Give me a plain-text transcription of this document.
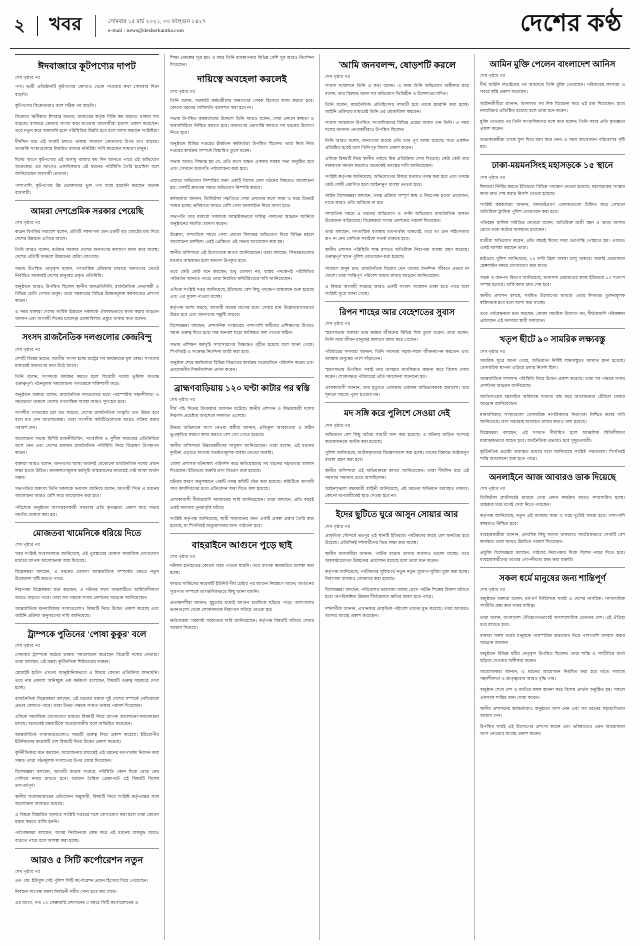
২	খবর	সোমবার ১৫ মার্চ ২০২১, ৩০ ফাল্গুন ১৪২৭
e-mail : news@desherkantha.com	দেশের কণ্ঠ
ঈদবাজারে কূটপণ্যের দাপট
শেষ পৃষ্ঠার পর

পণ্য। ভারী প্রতিষ্ঠানটি কূটপণ্যের কোথাও থেকে পাওয়ার কথা সোমবার দিনে বাড়তি।

কূটপণ্যের বিক্রেতারাও বলে সঠিক পর বাড়তি।

বিক্রেতা 'ঝটিকার' ইশারার অভাব, বাজারের কর্তৃক বিক্রি কম বাড়তে থাকায় দাম বাড়ছে। বাজারে ক্রেতার সংখ্যা কমে যাওয়ায় ব্যবসায়ীরা হতাশা প্রকাশ করেছেন। তবে নতুন করে আমদানি হলে পরিস্থিতির উন্নতি হবে বলে আশা করছেন সংশ্লিষ্টরা।

দীর্ঘদিন ধরে এই সংকট চলতে থাকায় সাধারণ ক্রেতাদের উপর চাপ বাড়ছে। তদারকি সংস্থাগুলোর নিয়মিত বাজার মনিটরিং দাবি করেছেন সাধারণ মানুষ।

ঈদের আগে কূটপণ্যের এই অসাধু বাজার কম দিন আনতে পারে এই অভিযোগ অনেকের। এর আগেও একাধিকবার এই ধরনের পরিস্থিতি তৈরি হয়েছিল বলে জানিয়েছেন ব্যবসায়ী নেতারা।

পাশাপাশি, কূটপণ্যের ফ্রি ভোক্তাদের ভুল পণ্য বাছে হয়রানি করছেন অনেক ব্যবসায়ী।

আমরা দেশপ্রেমিক সরকার পেয়েছি
শেষ পৃষ্ঠার পর

করেন বিগত্তির সমাবেশ বলেন, প্রতিটি সকল দল যেন একটি বড় জোটের মধ্য দিয়ে দেশের উন্নয়নে এগিয়ে আসে।

তিনি আরও বলেন, বর্তমান সরকার দেশের জনগণের কল্যাণে কাজ করে যাচ্ছে। দেশের প্রতিটি অঞ্চলে উন্নয়নের ছোঁয়া লেগেছে।

সভায় উপস্থিত নেতৃবৃন্দ বলেন, গণতান্ত্রিক প্রক্রিয়ার মাধ্যমে জনগণের ভোটে নির্বাচিত সরকারই দেশের মানুষের প্রকৃত প্রতিনিধি।

অনুষ্ঠানে আরও উপস্থিত ছিলেন স্থানীয় জনপ্রতিনিধি, রাজনৈতিক নেতাকর্মী ও বিভিন্ন শ্রেণি পেশার মানুষ। তারা সরকারের বিভিন্ন উন্নয়নমূলক কর্মকাণ্ডের প্রশংসা করেন।

এ সময় বক্তারা দেশের সার্বিক উন্নয়নে সকলকে ঐক্যবদ্ধভাবে কাজ করার আহ্বান জানান এবং আগামী দিনের চ্যালেঞ্জ মোকাবিলায় প্রস্তুত থাকার কথা বলেন।

সংসদ রাজনৈতিক দলগুলোর কেন্দ্রবিন্দু
শেষ পৃষ্ঠার পর

দেশটি বিশ্বের ভবনে, জাতীয় সংসদ হচ্ছে রাষ্ট্রের সব কার্যক্রমের মূল কেন্দ্র। সংসদের মাধ্যমেই জনগণের কথা উঠে আসে।

তিনি বলেন, সংসদকে কার্যকর করতে হলে বিরোধী দলের ভূমিকা অত্যন্ত গুরুত্বপূর্ণ। গঠনমূলক সমালোচনা গণতন্ত্রকে শক্তিশালী করে।

অনুষ্ঠানে বক্তারা বলেন, রাজনৈতিক দলগুলোর মধ্যে পারস্পরিক সহনশীলতা ও সমঝোতা থাকলে দেশের গণতান্ত্রিক ব্যবস্থা আরও সুসংহত হবে।

সংসদীয় গণতন্ত্রের চর্চা যত বাড়বে, দেশের রাজনৈতিক সংস্কৃতি তত উন্নত হবে বলে মত দেন আলোচকরা। তারা সংসদীয় কমিটিগুলোকে আরও সক্রিয় করার পরামর্শ দেন।

আলোচনা সভায় বিশিষ্ট রাজনীতিবিদ, সাংবাদিক ও সুশীল সমাজের প্রতিনিধিরা অংশ নেন এবং দেশের চলমান রাজনৈতিক পরিস্থিতি নিয়ে বিশ্লেষণ উপস্থাপন করেন।

বক্তারা আরও বলেন, জনগণের আস্থা অর্জনই যেকোনো রাজনৈতিক দলের প্রধান লক্ষ্য হওয়া উচিত। জনকল্যাণমূলক কর্মসূচি বাস্তবায়নের মাধ্যমেই সেই আস্থা অর্জন সম্ভব।

সভাপতির বক্তব্যে তিনি সকলকে ধন্যবাদ জানিয়ে বলেন, আগামী দিনে এ ধরনের আলোচনা আরও বেশি করে আয়োজন করা হবে।

পরিশেষে অনুষ্ঠানে অংশগ্রহণকারী সকলের প্রতি কৃতজ্ঞতা প্রকাশ করে সভার সমাপ্তি ঘোষণা করা হয়।

মোজতবা খামেনিকে ধরিয়ে দিতে
শেষ পৃষ্ঠার পর

খবর সংশ্লিষ্ট সংবাদমাধ্যম জানিয়েছে, এই পুরস্কারের ঘোষণা সামাজিক যোগাযোগ মাধ্যমে ব্যাপক আলোচনার জন্ম দিয়েছে।

বিশ্লেষকরা বলছেন, এ ধরনের ঘোষণা আন্তর্জাতিক সম্পর্কের ক্ষেত্রে নতুন উত্তেজনা সৃষ্টি করতে পারে।

নিরাপত্তা বিশ্লেষকরা মনে করছেন, এ ঘটনার ফলে অঞ্চলটিতে অস্থিতিশীলতা আরও বাড়তে পারে। তারা সব পক্ষকে সংযম প্রদর্শনের আহ্বান জানিয়েছেন।

আন্তর্জাতিক মানবাধিকার সংস্থাগুলোও বিষয়টি নিয়ে উদ্বেগ প্রকাশ করেছে এবং আইনি প্রক্রিয়া অনুসরণের দাবি জানিয়েছে।

ট্রাম্পকে পুতিনের 'পোষা কুকুর' বলে
শেষ পৃষ্ঠার পর

সোমবার ট্রাম্পকে কঠোর ভাষায় সমালোচনা করেছেন বিরোধী দলের নেতারা। তারা বলছেন, এই মন্তব্য কূটনৈতিক শিষ্টাচারের লঙ্ঘন।

হোয়াইট হাউস এখনো আনুষ্ঠানিকভাবে এ বিষয়ে কোনো প্রতিক্রিয়া জানায়নি। তবে নাম প্রকাশে অনিচ্ছুক এক কর্মকর্তা বলেছেন, বিষয়টি গুরুত্ব সহকারে দেখা হচ্ছে।

রাজনৈতিক বিশ্লেষকরা বলছেন, এই ধরনের বক্তব্য দুই দেশের সম্পর্কে নেতিবাচক প্রভাব ফেলতে পারে। তারা উভয় পক্ষকে সংযত থাকার পরামর্শ দিয়েছেন।

এদিকে সামাজিক যোগাযোগ মাধ্যমে বিষয়টি নিয়ে ব্যাপক আলোচনা-সমালোচনা চলছে। অনেকেই মন্তব্যটিকে অপ্রয়োজনীয় বলে অভিহিত করেছেন।

আন্তর্জাতিক গণমাধ্যমগুলোও খবরটি গুরুত্ব দিয়ে প্রকাশ করেছে। ইউরোপীয় ইউনিয়নের কয়েকটি দেশ বিষয়টি নিয়ে উদ্বেগ প্রকাশ করেছে।

কূটনীতিকরা মনে করছেন, আলোচনার মাধ্যমেই এই ধরনের মতপার্থক্য নিরসন করা সম্ভব। তারা গঠনমূলক সংলাপের উপর জোর দিয়েছেন।

বিশেষজ্ঞরা বলছেন, আগামী কয়েক সপ্তাহে পরিস্থিতি কোন দিকে মোড় নেয় সেদিকে নজর রাখতে হবে। বর্তমান বৈশ্বিক প্রেক্ষাপটে এই বিষয়টি বিশেষ তাৎপর্যপূর্ণ।

স্থানীয় সংবাদমাধ্যমের প্রতিবেদন অনুযায়ী, বিষয়টি নিয়ে সংশ্লিষ্ট কর্তৃপক্ষের সঙ্গে আলোচনা অব্যাহত রয়েছে।

এ বিষয়ে বিস্তারিত জানতে সংশ্লিষ্ট দপ্তরের সঙ্গে যোগাযোগ করা হলে তারা কোনো মন্তব্য করতে রাজি হননি।

পর্যবেক্ষকরা বলছেন, আসন্ন নির্বাচনকে কেন্দ্র করে এই ধরনের বাকযুদ্ধ আরও বাড়তে পারে বলে আশঙ্কা করা হচ্ছে।

আরও ৫ সিটি কর্পোরেশন নতুন
শেষ পৃষ্ঠার পর

এন. জে. ইউসুফ সেই পুলিশ সিটি কর্পোরেশন প্রধান হিসেবে দিয়ে পেয়েছেন।

নির্বাচন সাপেক্ষ সকল নির্বাচনী সমীর সেনা হতে কম শেষে।

এর আগে, গত ১০ ফেব্রুয়ারি প্রশাসনের ৩ বছরে সিটি কর্পোরেশনের এ

শিক্ষা প্রকল্পের সূত্র হয়। এ বছর তিনি ব্যবস্থাপনার বিভিন্ন বেশি খুব আরও নির্দেশনা দিয়েছেন।

দায়িত্বে অবহেলা করলেই
শেষ পৃষ্ঠার পর

তিনি বলেন, সরকারি কর্মচারীদের জনগণের সেবক হিসেবে কাজ করতে হবে। কোনো ধরনের গাফিলতি বরদাশত করা হবে না।

সভায় উপস্থিত কর্মকর্তাদের উদ্দেশে তিনি আরও বলেন, সেবা প্রদানে স্বচ্ছতা ও জবাবদিহিতা নিশ্চিত করতে হবে। জনগণের ভোগান্তি কমাতে সব ধরনের উদ্যোগ নিতে হবে।

অনুষ্ঠানে বিভিন্ন দপ্তরের ঊর্ধ্বতন কর্মকর্তারা উপস্থিত ছিলেন। তারা নিজ নিজ দপ্তরের কার্যক্রম সম্পর্কে বিস্তারিত তুলে ধরেন।

সভায় আরও সিদ্ধান্ত হয় যে, প্রতি মাসে অন্তত একবার সমন্বয় সভা অনুষ্ঠিত হবে এবং সেখানে অগ্রগতি পর্যালোচনা করা হবে।

এছাড়া অভিযোগ নিষ্পত্তির জন্য একটি বিশেষ সেল গঠনের বিষয়েও আলোচনা হয়। সেলটি দ্রুততম সময়ে অভিযোগ নিষ্পত্তি করবে।

কর্মকর্তারা জানান, ডিজিটাল পদ্ধতিতে সেবা প্রদানের ফলে সময় ও খরচ উভয়ই সাশ্রয় হচ্ছে। ভবিষ্যতে আরও বেশি সেবা অনলাইনে নিয়ে আসা হবে।

সভাপতি তার বক্তব্যে সকলকে আন্তরিকভাবে দায়িত্ব পালনের আহ্বান জানিয়ে অনুষ্ঠানের সমাপ্তি ঘোষণা করেন।

উল্লেখ্য, সাম্প্রতিক সময়ে সেবা প্রদানে বিলম্বের অভিযোগ নিয়ে বিভিন্ন মহলে আলোচনা চলছিল। এরই প্রেক্ষিতে এই সভার আয়োজন করা হয়।

স্থানীয় বাসিন্দারা এই উদ্যোগকে স্বাগত জানিয়েছেন। তারা বলছেন, সিদ্ধান্তগুলোর যথাযথ বাস্তবায়ন হলে জনগণ উপকৃত হবে।

তবে কেউ কেউ মনে করছেন, শুধু ঘোষণা নয়, বাস্তব পদক্ষেপই পরিস্থিতির পরিবর্তন আনতে পারে। তারা নিয়মিত মনিটরিংয়ের দাবি জানিয়েছেন।

এদিকে সংশ্লিষ্ট দপ্তর জানিয়েছে, ইতিমধ্যে বেশ কিছু পদক্ষেপ বাস্তবায়ন শুরু হয়েছে এবং এর সুফল পাওয়া যাচ্ছে।

কর্তৃপক্ষ আশা করছে, আগামী কয়েক মাসের মধ্যে সেবার মান উল্লেখযোগ্যভাবে উন্নত হবে এবং জনগণের সন্তুষ্টি বাড়বে।

বিশেষজ্ঞরা বলছেন, প্রশাসনিক সংস্কারের পাশাপাশি কর্মীদের প্রশিক্ষণের উপরও সমান গুরুত্ব দিতে হবে। দক্ষ জনবল ছাড়া কাঙ্ক্ষিত ফল পাওয়া কঠিন।

সভায় প্রশিক্ষণ কর্মসূচি সম্প্রসারণের সিদ্ধান্তও গৃহীত হয়েছে বলে জানা গেছে। শিগগিরই এ সংক্রান্ত নির্দেশনা জারি করা হবে।

অনুষ্ঠান শেষে কর্মকর্তারা বিভিন্ন বিভাগের কার্যক্রম সরেজমিনে পরিদর্শন করেন এবং প্রয়োজনীয় দিকনির্দেশনা প্রদান করেন।

ব্রাহ্মণবাড়িয়ায় ১২০ ঘণ্টা কাটার পর স্বস্তি
শেষ পৃষ্ঠার পর

দীর্ঘ পাঁচ দিনের উৎকণ্ঠার অবসান ঘটেছে। স্থানীয় প্রশাসন ও উদ্ধারকারী দলের নিরলস প্রচেষ্টায় অবশেষে সফলতা এসেছে।

উদ্ধার অভিযানে অংশ নেওয়া কর্মীরা জানান, প্রতিকূল আবহাওয়া ও কঠিন ভূপ্রকৃতির কারণে কাজ করতে বেশ বেগ পেতে হয়েছে।

স্থানীয় বাসিন্দারা উদ্ধারকর্মীদের সাধুবাদ জানিয়েছেন। তারা বলেন, এই ধরনের দুর্ঘটনা এড়াতে আগাম সতর্কতামূলক ব্যবস্থা নেওয়া জরুরি।

জেলা প্রশাসক ঘটনাস্থল পরিদর্শন করে ক্ষতিগ্রস্তদের সব ধরনের সহায়তার আশ্বাস দিয়েছেন। ইতিমধ্যে জরুরি ত্রাণ বিতরণ শুরু হয়েছে।

ঘটনার কারণ অনুসন্ধানে একটি তদন্ত কমিটি গঠন করা হয়েছে। কমিটিকে আগামী সাত কার্যদিবসের মধ্যে প্রতিবেদন জমা দিতে বলা হয়েছে।

এলাকাবাসী দীর্ঘমেয়াদি সমাধানের দাবি জানিয়েছেন। তারা বলছেন, প্রতি বছরই একই সমস্যার পুনরাবৃত্তি ঘটছে।

সংশ্লিষ্ট কর্তৃপক্ষ জানিয়েছে, স্থায়ী সমাধানের জন্য একটি প্রকল্প প্রস্তাব তৈরি করা হয়েছে, যা শিগগিরই অনুমোদনের জন্য পাঠানো হবে।

বাহরাইনে আগুনে পুড়ে ছাই
শেষ পৃষ্ঠার পর

ঘটনায় হতাহতের কোনো খবর পাওয়া যায়নি। তবে ব্যাপক ক্ষয়ক্ষতির আশঙ্কা করা হচ্ছে।

ফায়ার সার্ভিসের কয়েকটি ইউনিট দীর্ঘ চেষ্টার পর আগুন নিয়ন্ত্রণে আনে। আগুনের সূত্রপাত সম্পর্কে তাৎক্ষণিকভাবে কিছু জানা যায়নি।

প্রত্যক্ষদর্শীরা জানান, মুহূর্তের মধ্যেই আগুন চারদিকে ছড়িয়ে পড়ে। আশপাশের ভবনগুলো থেকে লোকজনকে নিরাপদে সরিয়ে নেওয়া হয়।

ক্ষতিগ্রস্তরা সরকারি সহায়তার দাবি জানিয়েছেন। কর্তৃপক্ষ বিষয়টি খতিয়ে দেখার আশ্বাস দিয়েছে।

'আমি জনবলন্দ, ষোড়শটি করলে
শেষ পৃষ্ঠার পর

সংবাদ সম্মেলনে তিনি এ কথা বলেন। এ সময় তিনি অভিযোগ অস্বীকার করে বলেন, তার বিরুদ্ধে আনা সব অভিযোগ ভিত্তিহীন ও উদ্দেশ্যপ্রণোদিত।

তিনি বলেন, রাজনৈতিক প্রতিহিংসার বশবর্তী হয়ে তাকে হয়রানি করা হচ্ছে। আইনি প্রক্রিয়ার মাধ্যমেই তিনি এর মোকাবিলা করবেন।

সংবাদ সম্মেলনে উপস্থিত সাংবাদিকদের বিভিন্ন প্রশ্নের জবাব দেন তিনি। এ সময় দলের অন্যান্য নেতাকর্মীরাও উপস্থিত ছিলেন।

তিনি আরও বলেন, জনগণের রায়ের প্রতি তার পূর্ণ আস্থা রয়েছে। সত্য একদিন প্রতিষ্ঠিত হবেই বলে তিনি দৃঢ় বিশ্বাস প্রকাশ করেন।

এদিকে বিষয়টি নিয়ে স্থানীয় পর্যায়ে মিশ্র প্রতিক্রিয়া দেখা দিয়েছে। কেউ কেউ তার বক্তব্যকে সমর্থন করলেও অনেকেই তদন্তের দাবি জানিয়েছেন।

সংশ্লিষ্ট কর্তৃপক্ষ জানিয়েছে, অভিযোগের বিষয়ে যথাযথ তদন্ত করা হবে এবং তদন্তে কেউ দোষী প্রমাণিত হলে আইনানুগ ব্যবস্থা নেওয়া হবে।

আইন বিশেষজ্ঞরা বলছেন, তদন্ত প্রক্রিয়া সম্পূর্ণ স্বচ্ছ ও নিরপেক্ষ হওয়া প্রয়োজন, যাতে কারও প্রতি অবিচার না হয়।

সাম্প্রতিক সময়ে এ ধরনের অভিযোগ ও পাল্টা অভিযোগ রাজনৈতিক অঙ্গনে উত্তেজনা বাড়িয়েছে। বিশ্লেষকরা সংযম প্রদর্শনের পরামর্শ দিয়েছেন।

তারা বলছেন, গণতান্ত্রিক ব্যবস্থায় মতপার্থক্য থাকবেই, তবে তা যেন সহিংসতায় রূপ না নেয় সেদিকে সবাইকে সতর্ক থাকতে হবে।

স্থানীয় প্রশাসন পরিস্থিতি শান্ত রাখতে অতিরিক্ত নিরাপত্তা ব্যবস্থা গ্রহণ করেছে। গুরুত্বপূর্ণ স্থানে পুলিশ মোতায়েন করা হয়েছে।

সাধারণ মানুষ চান, রাজনৈতিক বিরোধ যেন তাদের দৈনন্দিন জীবনে প্রভাব না ফেলে। তারা শান্তিপূর্ণ পরিবেশ বজায় রাখার আহ্বান জানিয়েছেন।

এ বিষয়ে আগামী সপ্তাহে আরও একটি সংবাদ সম্মেলন ডাকা হতে পারে বলে সংশ্লিষ্ট সূত্রে জানা গেছে।

রিপন শাহের আর বেহেশতের সুবাস
শেষ পৃষ্ঠার পর

স্মরণসভায় বক্তারা তার কর্মময় জীবনের বিভিন্ন দিক তুলে ধরেন। তারা বলেন, তিনি সারা জীবন মানুষের কল্যাণে কাজ করে গেছেন।

পরিবারের সদস্যরা জানান, তিনি সবসময় সহজ-সরল জীবনযাপন করতেন এবং অসহায় মানুষের পাশে দাঁড়াতেন।

স্মরণসভায় উপস্থিত সবাই তার আত্মার মাগফিরাত কামনা করে বিশেষ দোয়া করেন। শোকসন্তপ্ত পরিবারের প্রতি সমবেদনা জানানো হয়।

এলাকাবাসী জানান, তার মৃত্যুতে এলাকার একজন অভিভাবককে হারালো। তার শূন্যতা সহজে পূরণ হওয়ার নয়।

মদ সঙ্গি করে পুলিশে সেওয়া দেই
শেষ পৃষ্ঠার পর

অভিযানে বেশ কিছু অবৈধ সামগ্রী জব্দ করা হয়েছে। এ ঘটনায় জড়িত সন্দেহে কয়েকজনকে আটক করা হয়েছে।

পুলিশ জানিয়েছে, আটককৃতদের জিজ্ঞাসাবাদ করা হচ্ছে। তাদের বিরুদ্ধে আইনানুগ ব্যবস্থা গ্রহণ করা হবে।

স্থানীয় বাসিন্দারা এই অভিযানকে স্বাগত জানিয়েছেন। তারা দীর্ঘদিন ধরে এই সমস্যার সমাধান চেয়ে আসছিলেন।

আইনশৃঙ্খলা রক্ষাকারী বাহিনী জানিয়েছে, এই ধরনের অভিযান অব্যাহত থাকবে। কোনো অপরাধীকেই ছাড় দেওয়া হবে না।

ইদের ছুটিতে ঘুরে আসুন সোয়ার আর
শেষ পৃষ্ঠার পর

প্রাকৃতিক সৌন্দর্যে ভরপুর এই স্থানটি ইতিমধ্যে পর্যটকদের কাছে বেশ জনপ্রিয় হয়ে উঠেছে। প্রতিদিনই দর্শনার্থীদের ভিড় লক্ষ্য করা যাচ্ছে।

স্থানীয় ব্যবসায়ীরা জানান, পর্যটক বাড়ায় তাদের ব্যবসাও ভালো যাচ্ছে। তবে অবকাঠামোগত উন্নয়নের প্রয়োজন রয়েছে বলে তারা মনে করেন।

কর্তৃপক্ষ জানিয়েছে, পর্যটকদের সুবিধার্থে নতুন নতুন সুযোগ-সুবিধা যুক্ত করা হচ্ছে। নিরাপত্তা ব্যবস্থাও জোরদার করা হয়েছে।

বিশেষজ্ঞরা বলছেন, পরিবেশের ভারসাম্য বজায় রেখে পর্যটন শিল্পের বিকাশ ঘটাতে হবে। অপরিকল্পিত উন্নয়ন দীর্ঘমেয়াদে ক্ষতির কারণ হতে পারে।

দর্শনার্থীরা জানান, এখানকার প্রাকৃতিক পরিবেশ তাদের মুগ্ধ করেছে। তারা আবারও আসার আগ্রহ প্রকাশ করেছেন।

আমিন মুক্তি পেলেন বাংলাদেশ আনিস
শেষ পৃষ্ঠার পর

দীর্ঘ আইনি লড়াইয়ের পর অবশেষে তিনি মুক্তি পেয়েছেন। পরিবারের সদস্যরা এ খবরে স্বস্তি প্রকাশ করেছেন।

আইনজীবীরা জানান, আদালত সব দিক বিবেচনা করে এই রায় দিয়েছেন। রায়ে ন্যায়বিচার প্রতিষ্ঠিত হয়েছে বলে তারা মনে করেন।

মুক্তি পাওয়ার পর তিনি সাংবাদিকদের সঙ্গে কথা বলেন। তিনি সবার প্রতি কৃতজ্ঞতা প্রকাশ করেন।

শুভাকাঙ্ক্ষীরা তাকে ফুল দিয়ে বরণ করে নেন। এ সময় আবেগঘন পরিবেশের সৃষ্টি হয়।

ঢাকা-ময়মনসিংহ মহাসড়কে ১৫ স্থানে
শেষ পৃষ্ঠার পর

ঈদযাত্রা নির্বিঘ্ন করতে ইতিমধ্যে বিভিন্ন পদক্ষেপ নেওয়া হয়েছে। মহাসড়কের সংস্কার কাজ দ্রুত শেষ করার নির্দেশ দেওয়া হয়েছে।

সংশ্লিষ্ট কর্মকর্তারা জানান, যানজটপ্রবণ এলাকাগুলো চিহ্নিত করে সেখানে অতিরিক্ত ট্রাফিক পুলিশ মোতায়েন করা হবে।

পরিবহন মালিক সমিতির নেতারা বলেন, অতিরিক্ত যাত্রী বহন ও ভাড়া আদায় রোধে তারা কঠোর অবস্থানে রয়েছেন।

যাত্রীরা অভিযোগ করেন, প্রতি বছরই ঈদের সময় ভোগান্তি পোহাতে হয়। এবারও একই আশঙ্কা করছেন তারা।

হাইওয়ে পুলিশ জানিয়েছে, ২৪ ঘণ্টা টহল ব্যবস্থা চালু থাকবে। জরুরি প্রয়োজনে হেল্পলাইন নম্বরে যোগাযোগ করা যাবে।

সড়ক ও জনপথ বিভাগ জানিয়েছে, খানাখন্দ মেরামতের কাজ ইতিমধ্যে ৮০ শতাংশ সম্পন্ন হয়েছে। বাকি কাজ দ্রুত শেষ হবে।

স্থানীয় প্রশাসন বলছে, সমন্বিত উদ্যোগের মাধ্যমে এবার ঈদযাত্রা তুলনামূলক স্বস্তিদায়ক হবে বলে আশা করা যাচ্ছে।

তবে পর্যবেক্ষকরা মনে করছেন, কেবল সাময়িক উদ্যোগ নয়, দীর্ঘমেয়াদি পরিকল্পনা প্রয়োজন এই সমস্যার স্থায়ী সমাধানে।

খতৃপ ছীটে ৯০ সামরিক লক্ষ্যবস্তু
শেষ পৃষ্ঠার পর

সামরিক সূত্রে জানা গেছে, অভিযানে নির্দিষ্ট লক্ষ্যবস্তুতে আঘাত হানা হয়েছে। বেসামরিক স্থাপনা এড়িয়ে চলার নির্দেশ ছিল।

আন্তর্জাতিক সম্প্রদায় পরিস্থিতি নিয়ে উদ্বেগ প্রকাশ করেছে। তারা সব পক্ষকে সংযম প্রদর্শনের আহ্বান জানিয়েছে।

জাতিসংঘের মহাসচিব অবিলম্বে সংঘাত বন্ধ করে আলোচনার টেবিলে ফেরার আহ্বান জানিয়েছেন।

মানবাধিকার সংস্থাগুলো বেসামরিক নাগরিকদের নিরাপত্তা নিশ্চিত করার দাবি জানিয়েছে। ত্রাণ সরবরাহ অব্যাহত রাখার কথাও বলা হয়েছে।

বিশ্লেষকরা বলছেন, এই সংঘাত দীর্ঘায়িত হলে আঞ্চলিক স্থিতিশীলতা মারাত্মকভাবে ব্যাহত হবে। অর্থনৈতিক প্রভাবও হবে সুদূরপ্রসারী।

কূটনৈতিক প্রচেষ্টা অব্যাহত রয়েছে বলে জানিয়েছে সংশ্লিষ্ট পক্ষগুলো। শিগগিরই শান্তি আলোচনা শুরু হতে পারে।

অনলাইনে আজ আবারও ডাক দিয়েছে
শেষ পৃষ্ঠার পর

ডিজিটাল প্ল্যাটফর্মের মাধ্যমে সেবা প্রদান কার্যক্রম আরও সম্প্রসারিত হচ্ছে। গ্রাহকরা ঘরে বসেই সেবা নিতে পারছেন।

কর্তৃপক্ষ জানিয়েছে, নতুন এই ব্যবস্থায় সময় ও খরচ দুটোই সাশ্রয় হবে। পাশাপাশি স্বচ্ছতাও নিশ্চিত হবে।

ব্যবহারকারীরা জানান, প্রাথমিক কিছু সমস্যা থাকলেও সামগ্রিকভাবে সেবাটি বেশ কার্যকর। তারা আরও উন্নতির পরামর্শ দিয়েছেন।

প্রযুক্তি বিশেষজ্ঞরা বলছেন, সাইবার নিরাপত্তার দিকে বিশেষ নজর দিতে হবে। ব্যবহারকারীদের তথ্যের গোপনীয়তা রক্ষা করা জরুরি।

সকল ধর্মে মানুষের জন্য শান্তিপূর্ণ
শেষ পৃষ্ঠার পর

অনুষ্ঠানে বক্তারা বলেন, ধর্ম-বর্ণ নির্বিশেষে সবাই এ দেশের নাগরিক। সাম্প্রদায়িক সম্প্রীতি রক্ষা করা সবার দায়িত্ব।

তারা বলেন, বাংলাদেশ ঐতিহ্যগতভাবেই অসাম্প্রদায়িক চেতনার দেশ। এই ঐতিহ্য ধরে রাখতে হবে।

বক্তারা সকল ধর্মের মানুষকে পারস্পরিক শ্রদ্ধাবোধ নিয়ে পাশাপাশি বসবাস করার আহ্বান জানান।

অনুষ্ঠানে বিভিন্ন ধর্মীয় নেতৃবৃন্দ উপস্থিত ছিলেন। তারা শান্তি ও সম্প্রীতির বার্তা ছড়িয়ে দেওয়ার অঙ্গীকার করেন।

আয়োজকরা জানান, এ ধরনের আয়োজন নিয়মিত করা হবে যাতে সমাজে সহনশীলতা ও ভ্রাতৃত্ববোধ আরও বৃদ্ধি পায়।

অনুষ্ঠান শেষে দেশ ও জাতির মঙ্গল কামনা করে বিশেষ প্রার্থনা অনুষ্ঠিত হয়। সকলে একসঙ্গে শান্তির জন্য দোয়া করেন।

স্থানীয় প্রশাসনের কর্মকর্তারাও অনুষ্ঠানে অংশ নেন এবং সব ধরনের সহযোগিতার আশ্বাস দেন।

উপস্থিত সবাই এই উদ্যোগের প্রশংসা করেন এবং ভবিষ্যতেও এমন আয়োজনে অংশ নেওয়ার আগ্রহ প্রকাশ করেন।
